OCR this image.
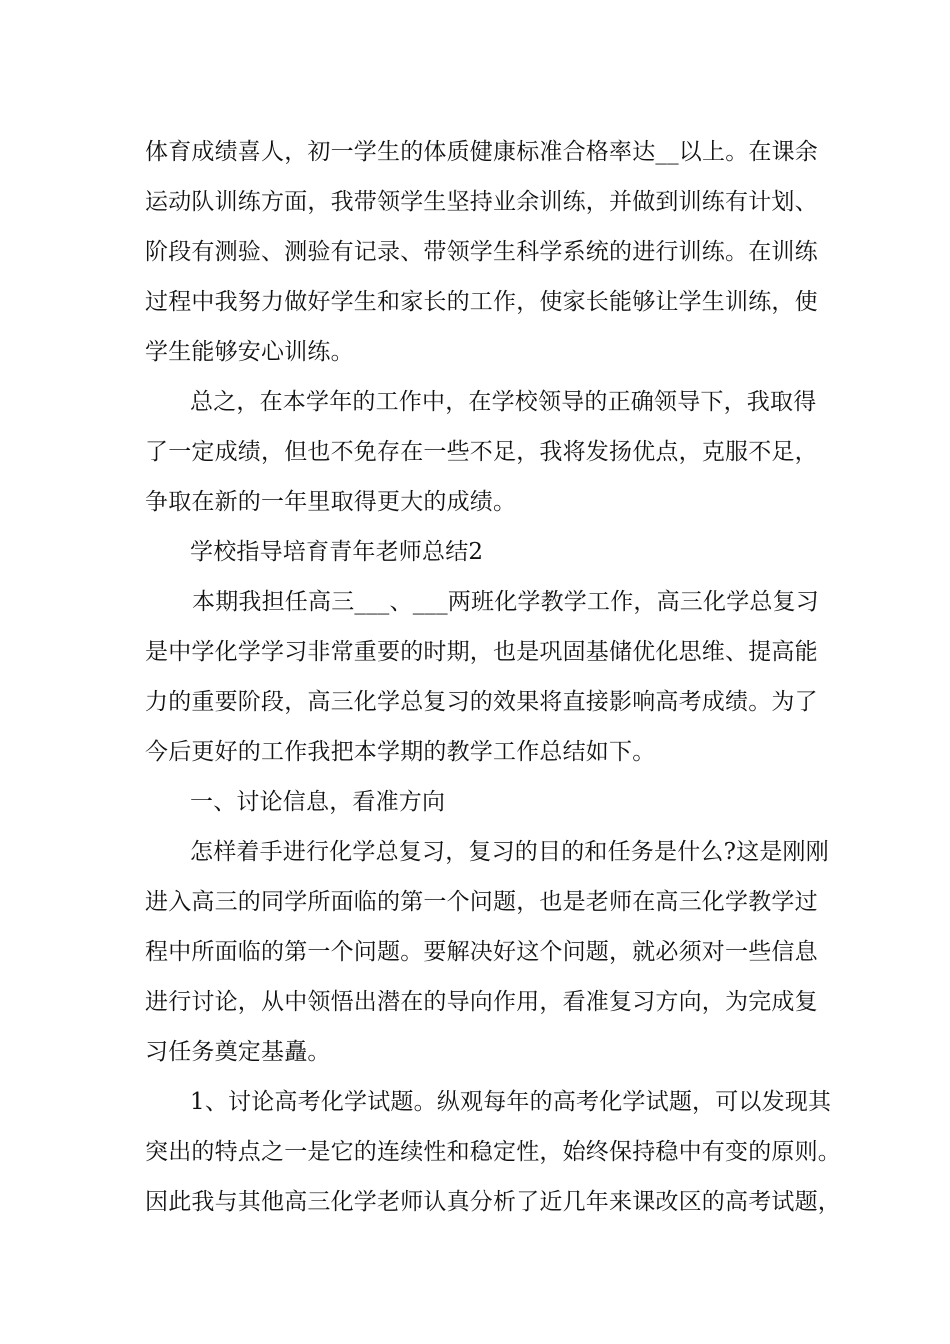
体育成绩喜人，初一学生的体质健康标准合格率达__以上。在课余
运动队训练方面，我带领学生坚持业余训练，并做到训练有计划、
阶段有测验、测验有记录、带领学生科学系统的进行训练。在训练
过程中我努力做好学生和家长的工作，使家长能够让学生训练，使
学生能够安心训练。
总之，在本学年的工作中，在学校领导的正确领导下，我取得
了一定成绩，但也不免存在一些不足，我将发扬优点，克服不足，
争取在新的一年里取得更大的成绩。
学校指导培育青年老师总结2
本期我担任高三___、___两班化学教学工作，高三化学总复习
是中学化学学习非常重要的时期，也是巩固基储优化思维、提高能
力的重要阶段，高三化学总复习的效果将直接影响高考成绩。为了
今后更好的工作我把本学期的教学工作总结如下。
一、讨论信息，看准方向
怎样着手进行化学总复习，复习的目的和任务是什么?这是刚刚
进入高三的同学所面临的第一个问题，也是老师在高三化学教学过
程中所面临的第一个问题。要解决好这个问题，就必须对一些信息
进行讨论，从中领悟出潜在的导向作用，看准复习方向，为完成复
习任务奠定基矗。
1、讨论高考化学试题。纵观每年的高考化学试题，可以发现其
突出的特点之一是它的连续性和稳定性，始终保持稳中有变的原则。
因此我与其他高三化学老师认真分析了近几年来课改区的高考试题，
